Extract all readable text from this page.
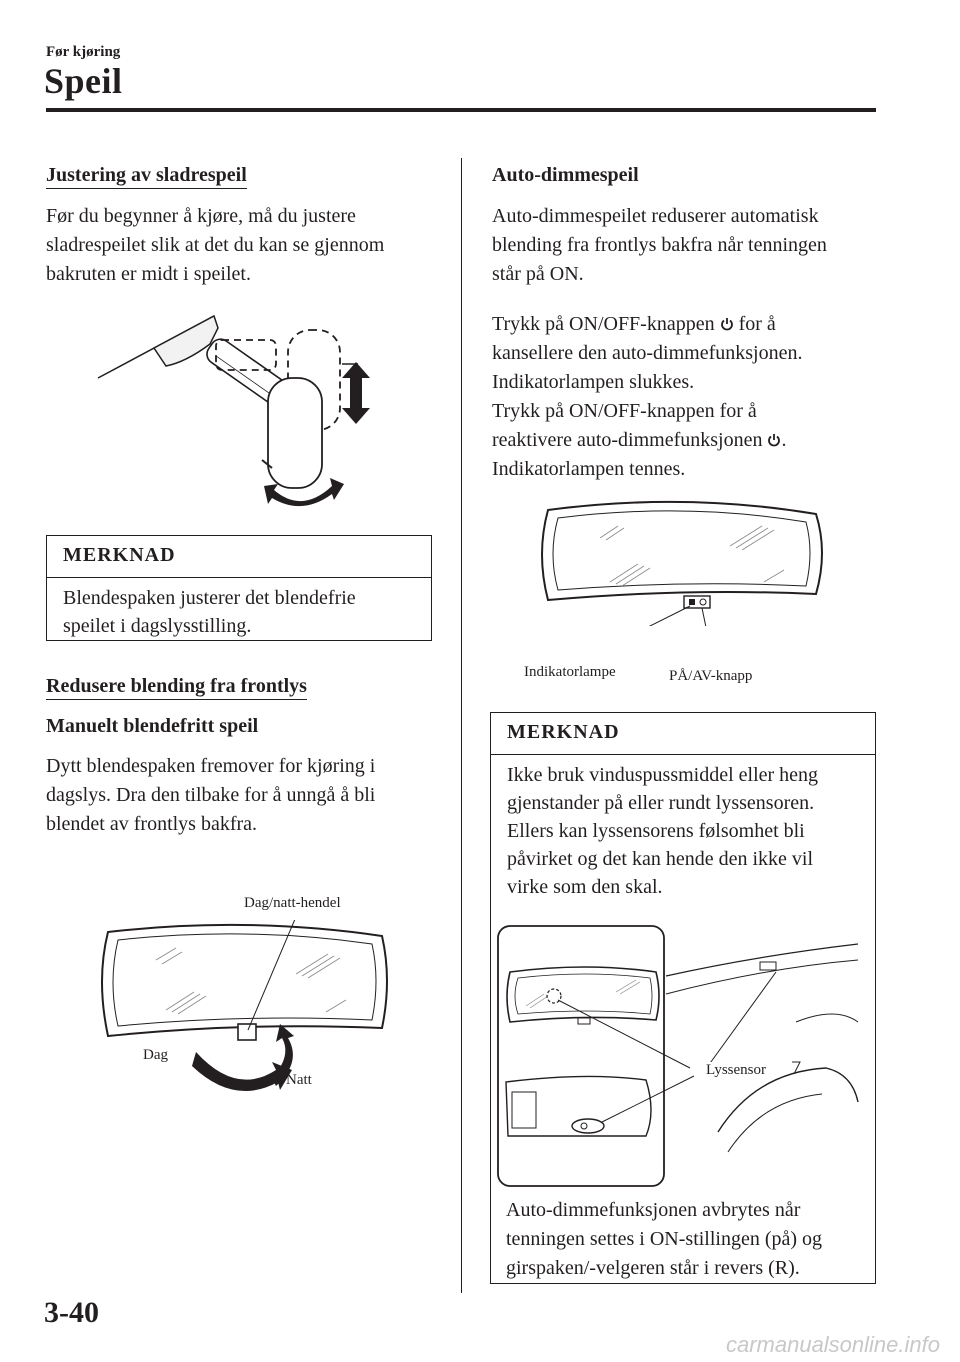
Før kjøring
Speil
Justering av sladrespeil
Før du begynner å kjøre, må du justere
sladrespeilet slik at det du kan se gjennom
bakruten er midt i speilet.
MERKNAD
Blendespaken justerer det blendefrie
speilet i dagslysstilling.
Redusere blending fra frontlys
Manuelt blendefritt speil
Dytt blendespaken fremover for kjøring i
dagslys. Dra den tilbake for å unngå å bli
blendet av frontlys bakfra.
Dag/natt-hendel
Dag
Natt
Auto-dimmespeil
Auto-dimmespeilet reduserer automatisk
blending fra frontlys bakfra når tenningen
står på ON.
Trykk på ON/OFF-knappen  for å
kansellere den auto-dimmefunksjonen.
Indikatorlampen slukkes.
Trykk på ON/OFF-knappen for å
reaktivere auto-dimmefunksjonen .
Indikatorlampen tennes.
Indikatorlampe	PÅ/AV-knapp
MERKNAD
Ikke bruk vinduspussmiddel eller heng
gjenstander på eller rundt lyssensoren.
Ellers kan lyssensorens følsomhet bli
påvirket og det kan hende den ikke vil
virke som den skal.
Lyssensor
Auto-dimmefunksjonen avbrytes når
tenningen settes i ON-stillingen (på) og
girspaken/-velgeren står i revers (R).
3-40
carmanualsonline.info
